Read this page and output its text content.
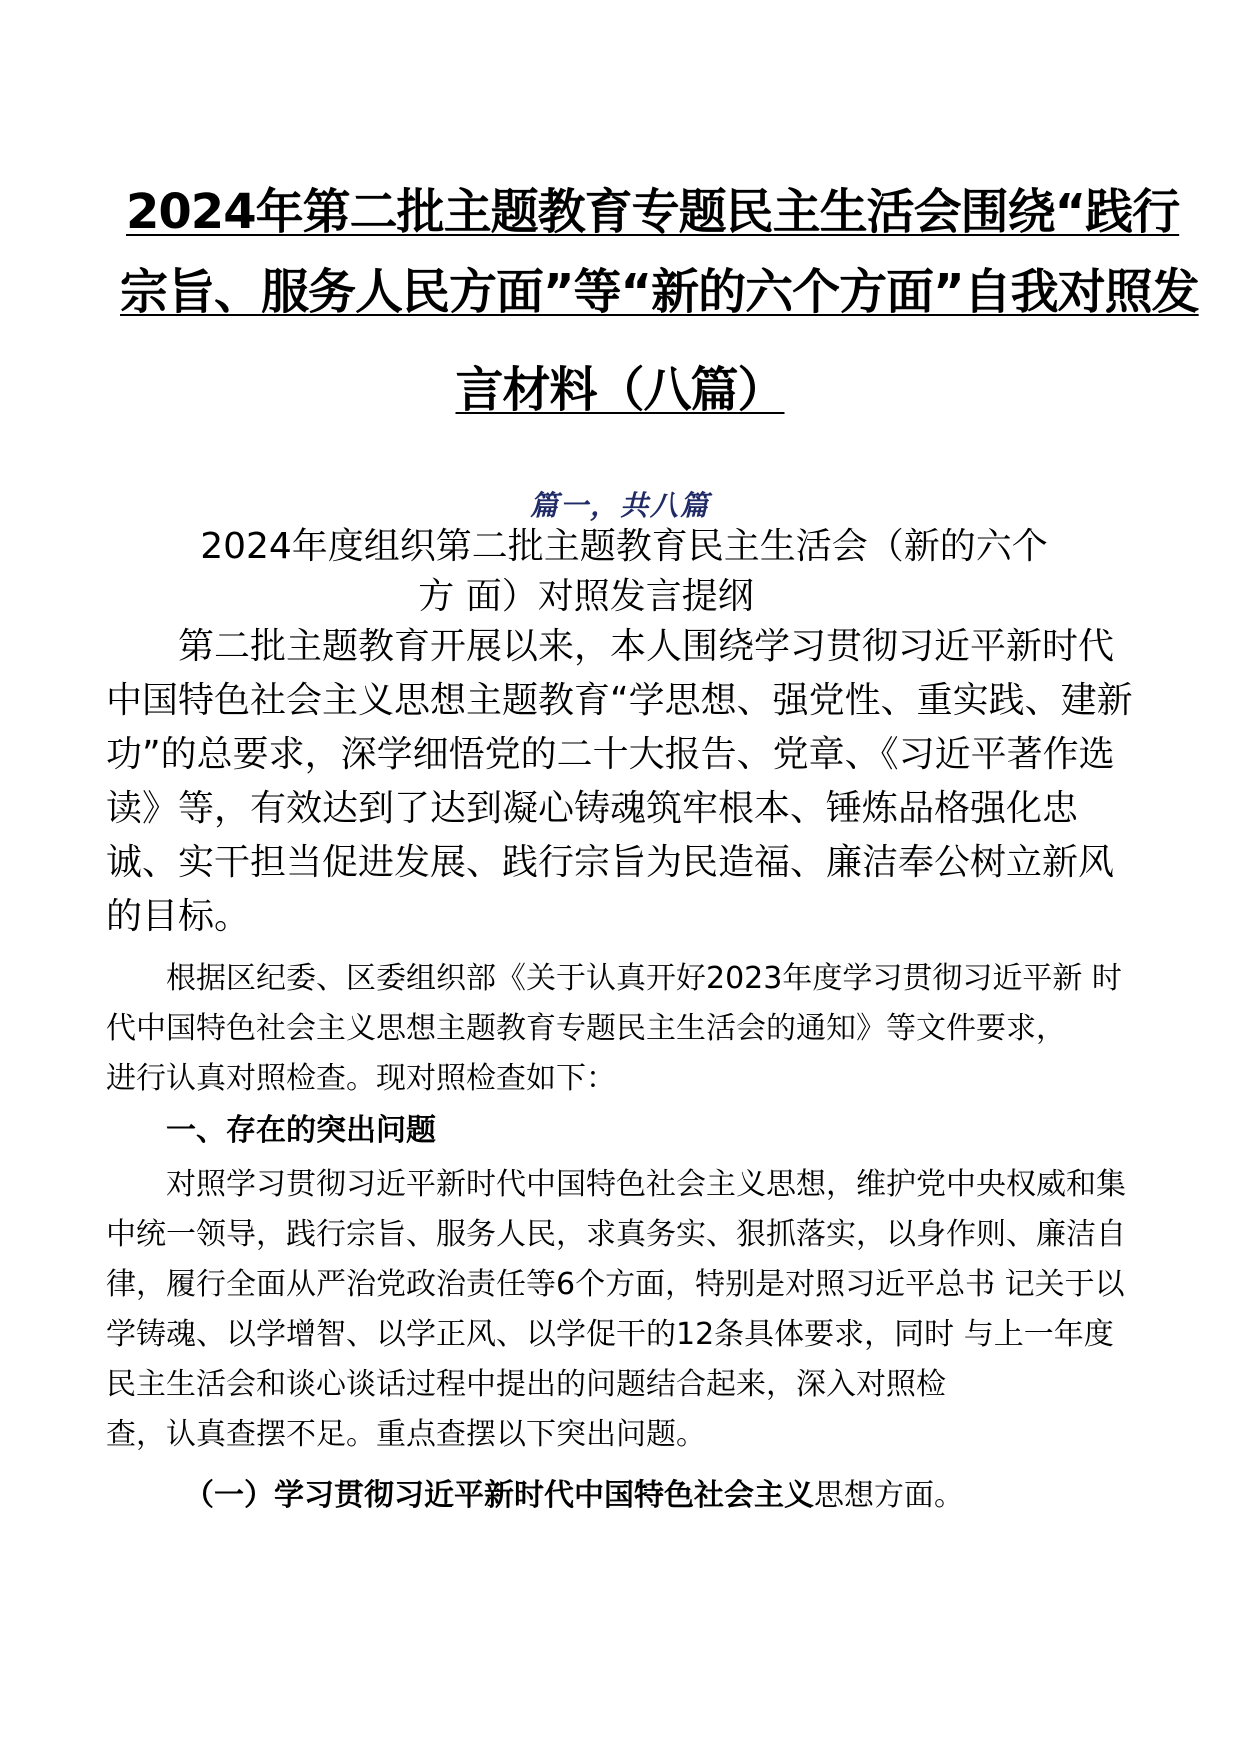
2024年第二批主题教育专题民主生活会围绕“践行
宗旨、服务人民方面”等“新的六个方面”自我对照发
言材料（八篇）
篇一，共八篇
2024年度组织第二批主题教育民主生活会（新的六个
方 面）对照发言提纲

第二批主题教育开展以来，本人围绕学习贯彻习近平新时代中国特色社会主义思想主题教育“学思想、强党性、重实践、建新功”的总要求，深学细悟党的二十大报告、党章、《习近平著作选读》等，有效达到了达到凝心铸魂筑牢根本、锤炼品格强化忠诚、实干担当促进发展、践行宗旨为民造福、廉洁奉公树立新风的目标。

根据区纪委、区委组织部《关于认真开好2023年度学习贯彻习近平新 时代中国特色社会主义思想主题教育专题民主生活会的通知》等文件要求，

进行认真对照检查。现对照检查如下：

一、存在的突出问题

对照学习贯彻习近平新时代中国特色社会主义思想，维护党中央权威和集中统一领导，践行宗旨、服务人民，求真务实、狠抓落实，以身作则、廉洁自律，履行全面从严治党政治责任等6个方面，特别是对照习近平总书 记关于以学铸魂、以学增智、以学正风、以学促干的12条具体要求，同时 与上一年度民主生活会和谈心谈话过程中提出的问题结合起来，深入对照检

查，认真查摆不足。重点查摆以下突出问题。

（一）学习贯彻习近平新时代中国特色社会主义思想方面。
